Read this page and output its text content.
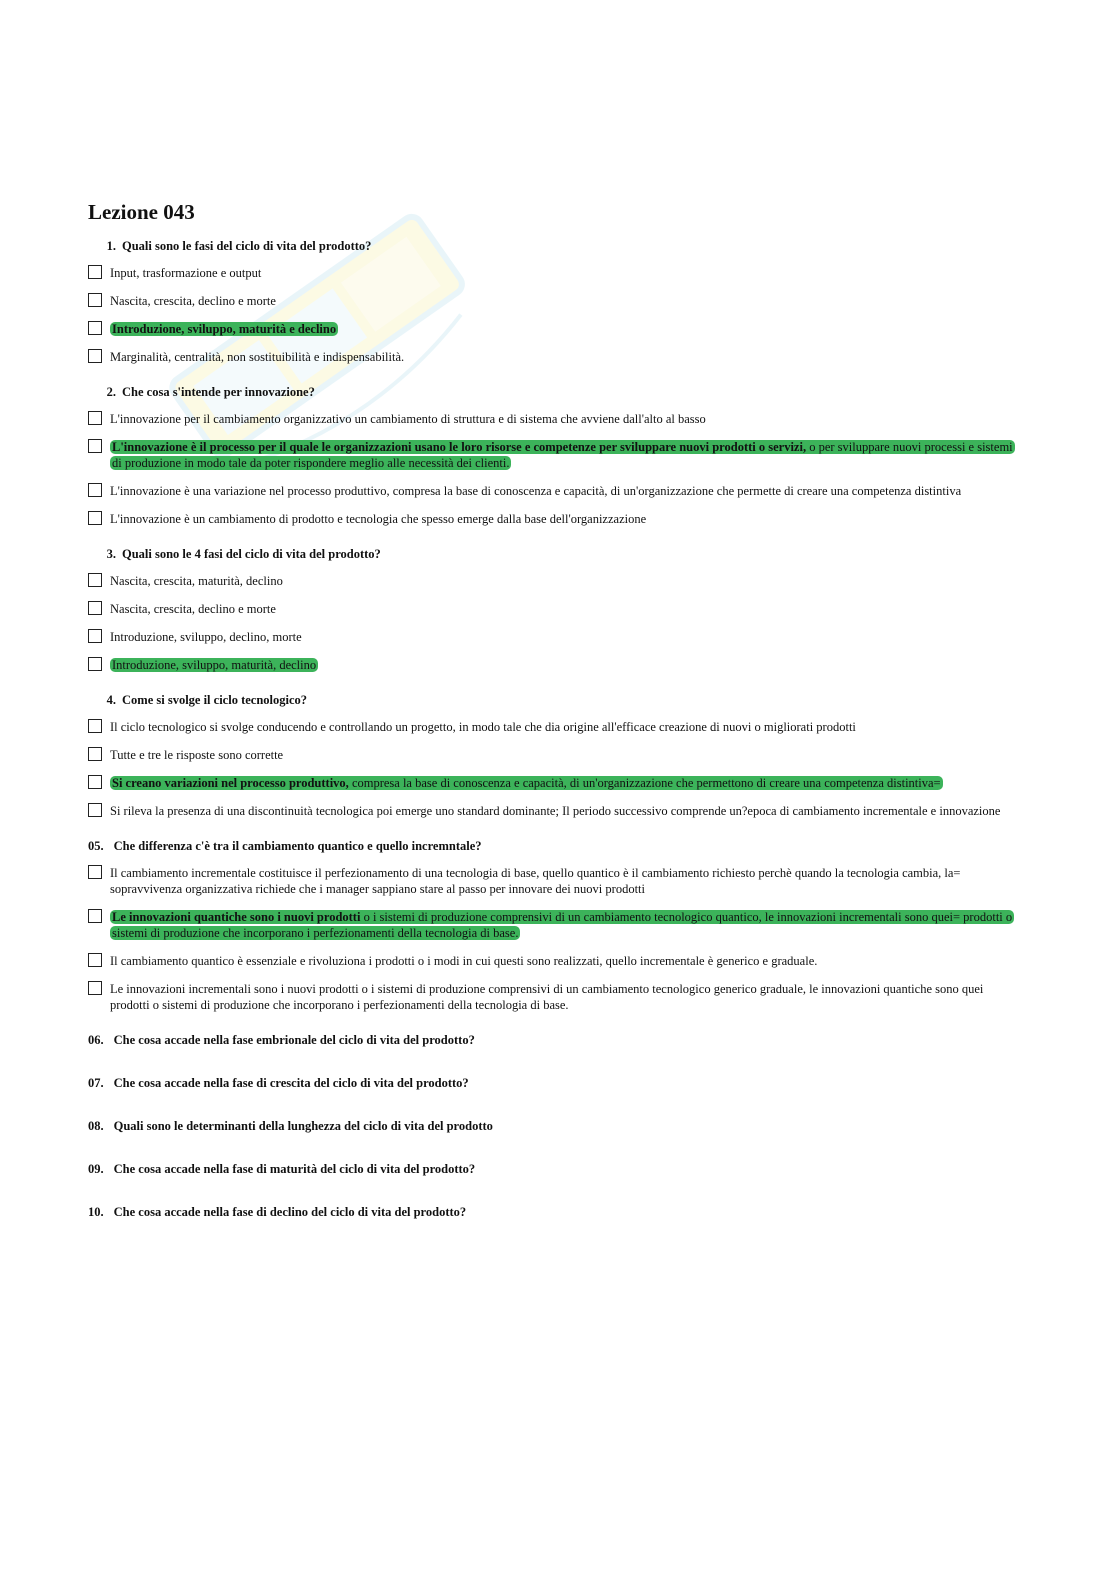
Lezione 043
1. Quali sono le fasi del ciclo di vita del prodotto?
Input, trasformazione e output
Nascita, crescita, declino e morte
Introduzione, sviluppo, maturità e declino
Marginalità, centralità, non sostituibilità e indispensabilità.
2. Che cosa s'intende per innovazione?
L'innovazione per il cambiamento organizzativo un cambiamento di struttura e di sistema che avviene dall'alto al basso
L'innovazione è il processo per il quale le organizzazioni usano le loro risorse e competenze per sviluppare nuovi prodotti o servizi, o per sviluppare nuovi processi e sistemi di produzione in modo tale da poter rispondere meglio alle necessità dei clienti.
L'innovazione è una variazione nel processo produttivo, compresa la base di conoscenza e capacità, di un'organizzazione che permette di creare una competenza distintiva
L'innovazione è un cambiamento di prodotto e tecnologia che spesso emerge dalla base dell'organizzazione
3. Quali sono le 4 fasi del ciclo di vita del prodotto?
Nascita, crescita, maturità, declino
Nascita, crescita, declino e morte
Introduzione, sviluppo, declino, morte
Introduzione, sviluppo, maturità, declino
4. Come si svolge il ciclo tecnologico?
Il ciclo tecnologico si svolge conducendo e controllando un progetto, in modo tale che dia origine all'efficace creazione di nuovi o migliorati prodotti
Tutte e tre le risposte sono corrette
Si creano variazioni nel processo produttivo, compresa la base di conoscenza e capacità, di un'organizzazione che permettono di creare una competenza distintiva=
Si rileva la presenza di una discontinuità tecnologica poi emerge uno standard dominante; Il periodo successivo comprende un?epoca di cambiamento incrementale e innovazione
05. Che differenza c'è tra il cambiamento quantico e quello incremntale?
Il cambiamento incrementale costituisce il perfezionamento di una tecnologia di base, quello quantico è il cambiamento richiesto perchè quando la tecnologia cambia, la= sopravvivenza organizzativa richiede che i manager sappiano stare al passo per innovare dei nuovi prodotti
Le innovazioni quantiche sono i nuovi prodotti o i sistemi di produzione comprensivi di un cambiamento tecnologico quantico, le innovazioni incrementali sono quei= prodotti o sistemi di produzione che incorporano i perfezionamenti della tecnologia di base.
Il cambiamento quantico è essenziale e rivoluziona i prodotti o i modi in cui questi sono realizzati, quello incrementale è generico e graduale.
Le innovazioni incrementali sono i nuovi prodotti o i sistemi di produzione comprensivi di un cambiamento tecnologico generico graduale, le innovazioni quantiche sono quei prodotti o sistemi di produzione che incorporano i perfezionamenti della tecnologia di base.
06. Che cosa accade nella fase embrionale del ciclo di vita del prodotto?
07. Che cosa accade nella fase di crescita del ciclo di vita del prodotto?
08. Quali sono le determinanti della lunghezza del ciclo di vita del prodotto
09. Che cosa accade nella fase di maturità del ciclo di vita del prodotto?
10. Che cosa accade nella fase di declino del ciclo di vita del prodotto?
